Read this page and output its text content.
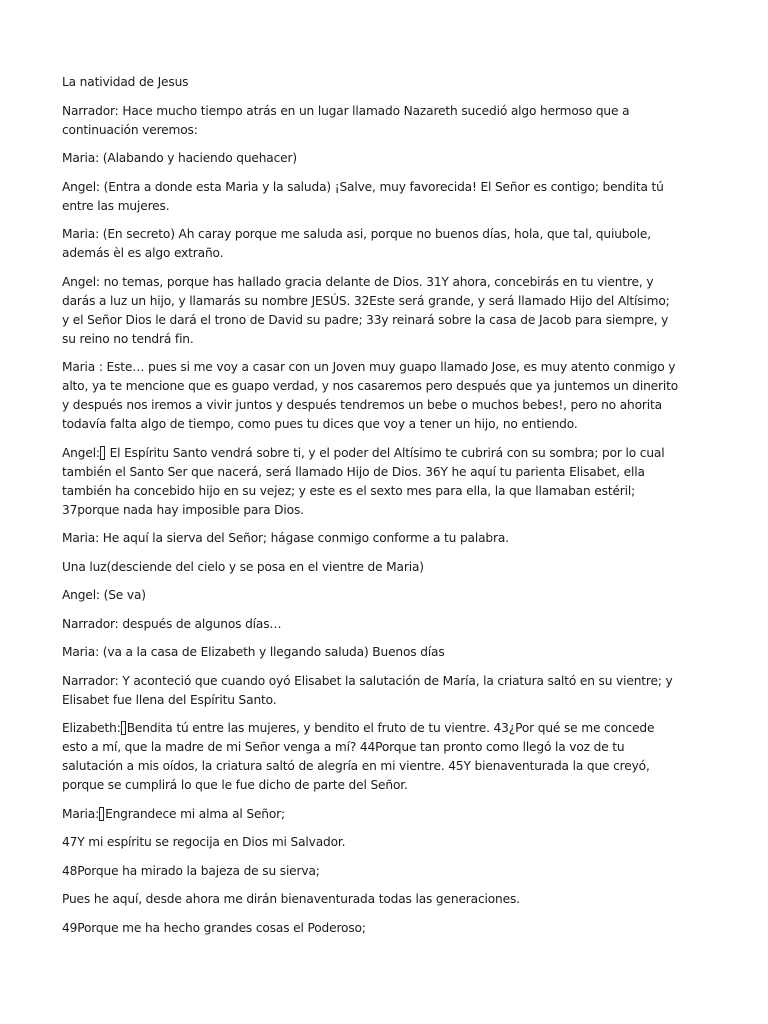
La natividad de Jesus

Narrador: Hace mucho tiempo atrás en un lugar llamado Nazareth sucedió algo hermoso que a continuación veremos:

Maria: (Alabando y haciendo quehacer)

Angel: (Entra a donde esta Maria y la saluda) ¡Salve, muy favorecida! El Señor es contigo; bendita tú entre las mujeres.

Maria: (En secreto) Ah caray porque me saluda asi, porque no buenos días, hola, que tal, quiubole, además èl es algo extraño.

Angel: no temas, porque has hallado gracia delante de Dios. 31Y ahora, concebirás en tu vientre, y darás a luz un hijo, y llamarás su nombre JESÚS. 32Este será grande, y será llamado Hijo del Altísimo; y el Señor Dios le dará el trono de David su padre; 33y reinará sobre la casa de Jacob para siempre, y su reino no tendrá fin.

Maria : Este… pues si me voy a casar con un Joven muy guapo llamado Jose, es muy atento conmigo y alto, ya te mencione que es guapo verdad, y nos casaremos pero después que ya juntemos un dinerito y después nos iremos a vivir juntos y después tendremos un bebe o muchos bebes!, pero no ahorita todavía falta algo de tiempo, como pues tu dices que voy a tener un hijo, no entiendo.

Angel: El Espíritu Santo vendrá sobre ti, y el poder del Altísimo te cubrirá con su sombra; por lo cual también el Santo Ser que nacerá, será llamado Hijo de Dios. 36Y he aquí tu parienta Elisabet, ella también ha concebido hijo en su vejez; y este es el sexto mes para ella, la que llamaban estéril; 37porque nada hay imposible para Dios.

Maria: He aquí la sierva del Señor; hágase conmigo conforme a tu palabra.

Una luz(desciende del cielo y se posa en el vientre de Maria)

Angel: (Se va)

Narrador: después de algunos días…

Maria: (va a la casa de Elizabeth y llegando saluda) Buenos días

Narrador: Y aconteció que cuando oyó Elisabet la salutación de María, la criatura saltó en su vientre; y Elisabet fue llena del Espíritu Santo.

Elizabeth: Bendita tú entre las mujeres, y bendito el fruto de tu vientre. 43¿Por qué se me concede esto a mí, que la madre de mi Señor venga a mí? 44Porque tan pronto como llegó la voz de tu salutación a mis oídos, la criatura saltó de alegría en mi vientre. 45Y bienaventurada la que creyó, porque se cumplirá lo que le fue dicho de parte del Señor.

Maria: Engrandece mi alma al Señor;

47Y mi espíritu se regocija en Dios mi Salvador.

48Porque ha mirado la bajeza de su sierva;

Pues he aquí, desde ahora me dirán bienaventurada todas las generaciones.

49Porque me ha hecho grandes cosas el Poderoso;
